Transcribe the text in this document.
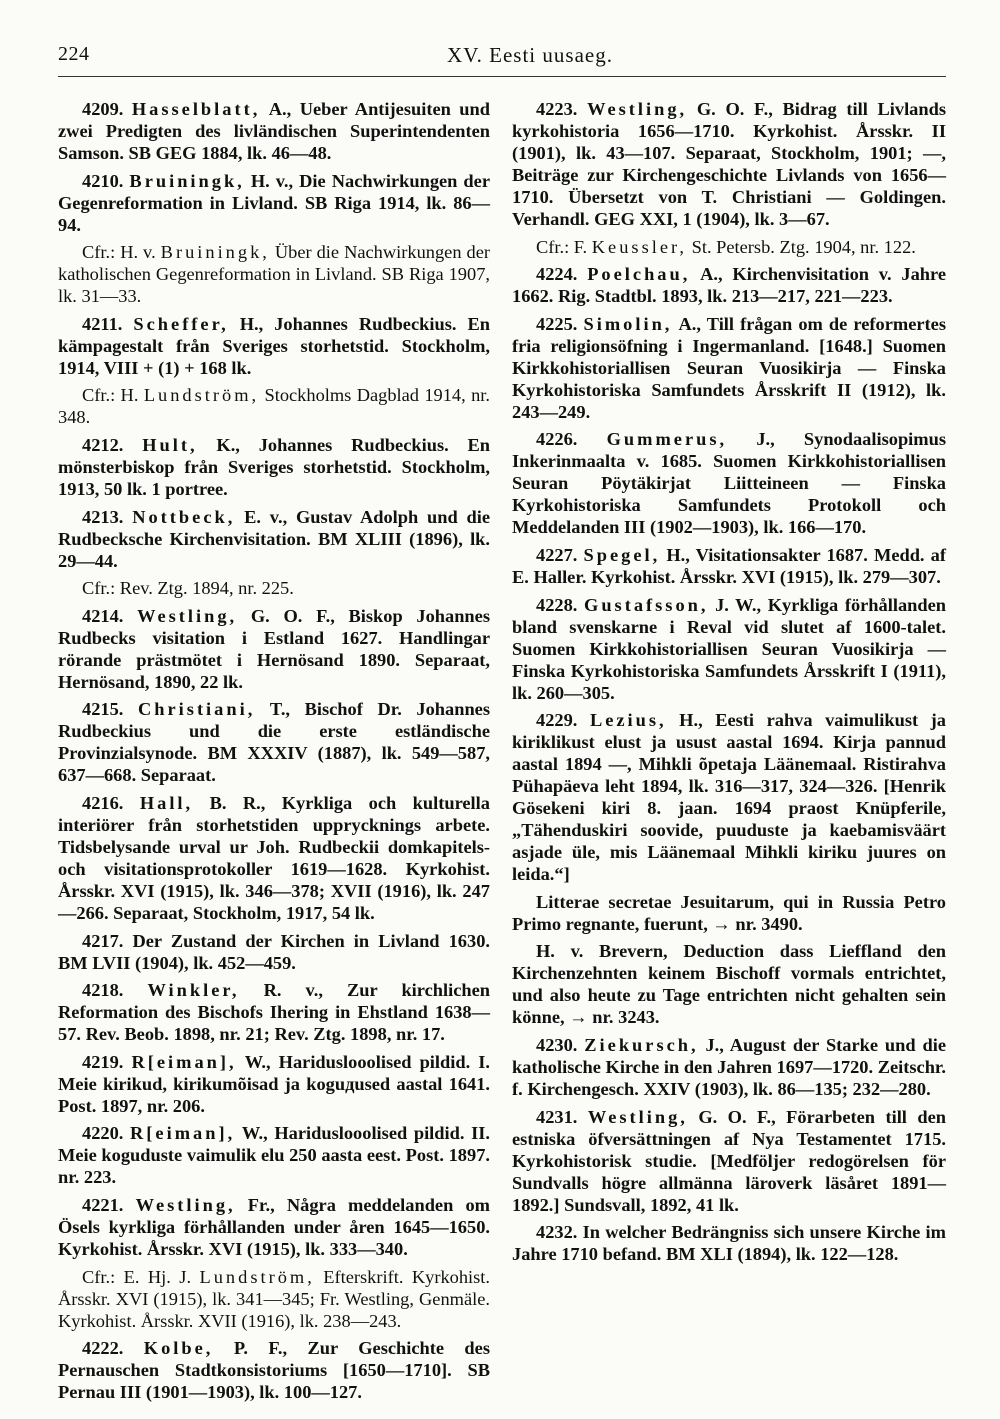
224	XV. Eesti uusaeg.

4209. Hasselblatt, A., Ueber Antijesuiten und zwei Predigten des livländischen Superintendenten Samson. SB GEG 1884, lk. 46—48.

4210. Bruiningk, H. v., Die Nachwirkungen der Gegenreformation in Livland. SB Riga 1914, lk. 86—94.

Cfr.: H. v. Bruiningk, Über die Nachwirkungen der katholischen Gegenreformation in Livland. SB Riga 1907, lk. 31—33.

4211. Scheffer, H., Johannes Rudbeckius. En kämpagestalt från Sveriges storhetstid. Stockholm, 1914, VIII + (1) + 168 lk.

Cfr.: H. Lundström, Stockholms Dagblad 1914, nr. 348.

4212. Hult, K., Johannes Rudbeckius. En mönsterbiskop från Sveriges storhetstid. Stockholm, 1913, 50 lk. 1 portree.

4213. Nottbeck, E. v., Gustav Adolph und die Rudbecksche Kirchenvisitation. BM XLIII (1896), lk. 29—44.

Cfr.: Rev. Ztg. 1894, nr. 225.

4214. Westling, G. O. F., Biskop Johannes Rudbecks visitation i Estland 1627. Handlingar rörande prästmötet i Hernösand 1890. Separaat, Hernösand, 1890, 22 lk.

4215. Christiani, T., Bischof Dr. Johannes Rudbeckius und die erste estländische Provinzialsynode. BM XXXIV (1887), lk. 549—587, 637—668. Separaat.

4216. Hall, B. R., Kyrkliga och kulturella interiörer från storhetstiden upprycknings arbete. Tidsbelysande urval ur Joh. Rudbeckii domkapitels- och visitationsprotokoller 1619—1628. Kyrkohist. Årsskr. XVI (1915), lk. 346—378; XVII (1916), lk. 247—266. Separaat, Stockholm, 1917, 54 lk.

4217. Der Zustand der Kirchen in Livland 1630. BM LVII (1904), lk. 452—459.

4218. Winkler, R. v., Zur kirchlichen Reformation des Bischofs Ihering in Ehstland 1638—57. Rev. Beob. 1898, nr. 21; Rev. Ztg. 1898, nr. 17.

4219. R[eiman], W., Hariduslooolised pildid. I. Meie kirikud, kirikumõisad ja koguдused aastal 1641. Post. 1897, nr. 206.

4220. R[eiman], W., Hariduslooolised pildid. II. Meie koguduste vaimulik elu 250 aasta eest. Post. 1897. nr. 223.

4221. Westling, Fr., Några meddelanden om Ösels kyrkliga förhållanden under åren 1645—1650. Kyrkohist. Årsskr. XVI (1915), lk. 333—340.

Cfr.: E. Hj. J. Lundström, Efterskrift. Kyrkohist. Årsskr. XVI (1915), lk. 341—345; Fr. Westling, Genmäle. Kyrkohist. Årsskr. XVII (1916), lk. 238—243.

4222. Kolbe, P. F., Zur Geschichte des Pernauschen Stadtkonsistoriums [1650—1710]. SB Pernau III (1901—1903), lk. 100—127.

4223. Westling, G. O. F., Bidrag till Livlands kyrkohistoria 1656—1710. Kyrkohist. Årsskr. II (1901), lk. 43—107. Separaat, Stockholm, 1901; —, Beiträge zur Kirchengeschichte Livlands von 1656—1710. Übersetzt von T. Christiani — Goldingen. Verhandl. GEG XXI, 1 (1904), lk. 3—67.

Cfr.: F. Keussler, St. Petersb. Ztg. 1904, nr. 122.

4224. Poelchau, A., Kirchenvisitation v. Jahre 1662. Rig. Stadtbl. 1893, lk. 213—217, 221—223.

4225. Simolin, A., Till frågan om de reformertes fria religionsöfning i Ingermanland. [1648.] Suomen Kirkkohistoriallisen Seuran Vuosikirja — Finska Kyrkohistoriska Samfundets Årsskrift II (1912), lk. 243—249.

4226. Gummerus, J., Synodaalisopimus Inkerinmaalta v. 1685. Suomen Kirkkohistoriallisen Seuran Pöytäkirjat Liitteineen — Finska Kyrkohistoriska Samfundets Protokoll och Meddelanden III (1902—1903), lk. 166—170.

4227. Spegel, H., Visitationsakter 1687. Medd. af E. Haller. Kyrkohist. Årsskr. XVI (1915), lk. 279—307.

4228. Gustafsson, J. W., Kyrkliga förhållanden bland svenskarne i Reval vid slutet af 1600-talet. Suomen Kirkkohistoriallisen Seuran Vuosikirja — Finska Kyrkohistoriska Samfundets Årsskrift I (1911), lk. 260—305.

4229. Lezius, H., Eesti rahva vaimulikust ja kiriklikust elust ja usust aastal 1694. Kirja pannud aastal 1894 —, Mihkli õpetaja Läänemaal. Ristirahva Pühapäeva leht 1894, lk. 316—317, 324—326. [Henrik Gösekeni kiri 8. jaan. 1694 praost Knüpferile, „Tähenduskiri soovide, puuduste ja kaebamisväärt asjade üle, mis Läänemaal Mihkli kiriku juures on leida.“]

Litterae secretae Jesuitarum, qui in Russia Petro Primo regnante, fuerunt, → nr. 3490.

H. v. Brevern, Deduction dass Lieffland den Kirchenzehnten keinem Bischoff vormals entrichtet, und also heute zu Tage entrichten nicht gehalten sein könne, → nr. 3243.

4230. Ziekursch, J., August der Starke und die katholische Kirche in den Jahren 1697—1720. Zeitschr. f. Kirchengesch. XXIV (1903), lk. 86—135; 232—280.

4231. Westling, G. O. F., Förarbeten till den estniska öfversättningen af Nya Testamentet 1715. Kyrkohistorisk studie. [Medföljer redogörelsen för Sundvalls högre allmänna läroverk läsåret 1891—1892.] Sundsvall, 1892, 41 lk.

4232. In welcher Bedrängniss sich unsere Kirche im Jahre 1710 befand. BM XLI (1894), lk. 122—128.
